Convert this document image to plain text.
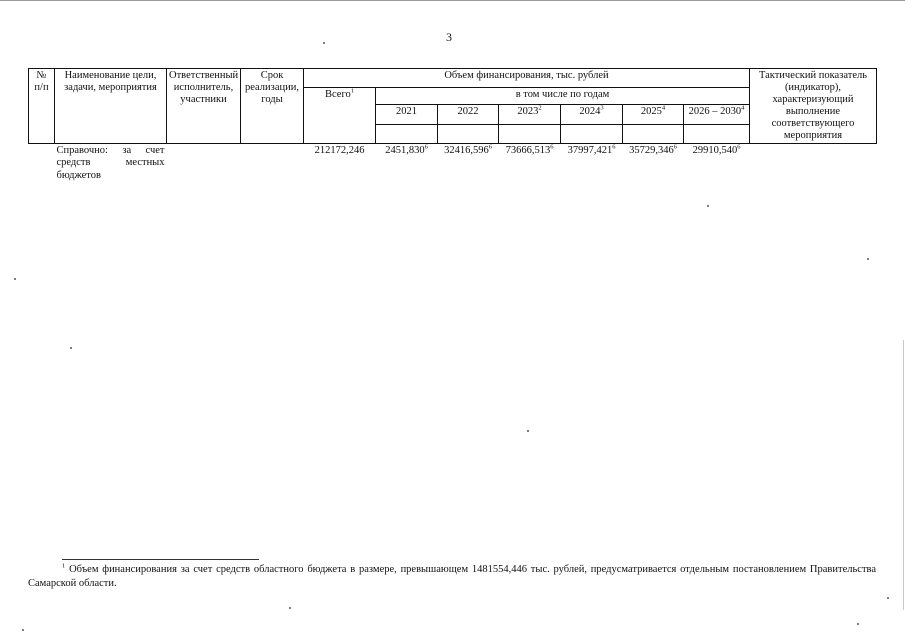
3
№ п/п	Наименование цели, задачи, мероприятия	Ответственный исполнитель, участники	Срок реализации, годы	Объем финансирования, тыс. рублей							Тактический показатель (индикатор), характеризующий выполнение соответствующего мероприятия
				Всего$^1$	в том числе по годам						
					2021	2022	2023$^2$	2024$^3$	2025$^4$	2026 – 2030$^4$

	Справочно: за счет средств местных бюджетов			212172,246	2451,830$^6$	32416,596$^6$	73666,513$^6$	37997,421$^6$	35729,346$^6$	29910,540$^6$	
$^1$ Объем финансирования за счет средств областного бюджета в размере, превышающем 1481554,446 тыс. рублей, предусматривается отдельным постановлением Правительства Самарской области.
